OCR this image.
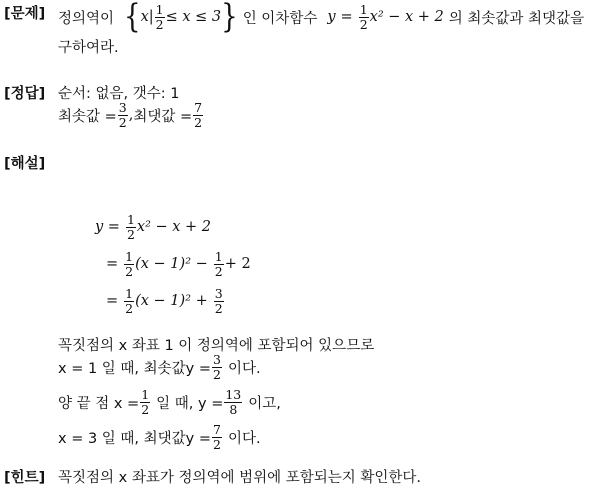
[문제] 정의역이 { x | $\frac{1}{2} \le x \le 3$ } 인 이차함수 $y = \frac{1}{2} x^2 - x + 2$ 의 최솟값과 최댓값을
구하여라.
[정답] 순서: 없음, 갯수: 1
최솟값 = $\frac{3}{2}$ , 최댓값 = $\frac{7}{2}$
[해설]
$y = \frac{1}{2} x^2 - x + 2$
= $\frac{1}{2} (x - 1)^2 - \frac{1}{2} + 2$
= $\frac{1}{2} (x - 1)^2 + \frac{3}{2}$
꼭짓점의 x 좌표 1 이 정의역에 포함되어 있으므로
x = 1 일 때, 최솟값$y = \frac{3}{2}$ 이다.
양 끝 점 $x = \frac{1}{2}$ 일 때, $y = \frac{13}{8}$ 이고,
x = 3 일 때, 최댓값$y = \frac{7}{2}$ 이다.
[힌트] 꼭짓점의 x 좌표가 정의역에 범위에 포함되는지 확인한다.
